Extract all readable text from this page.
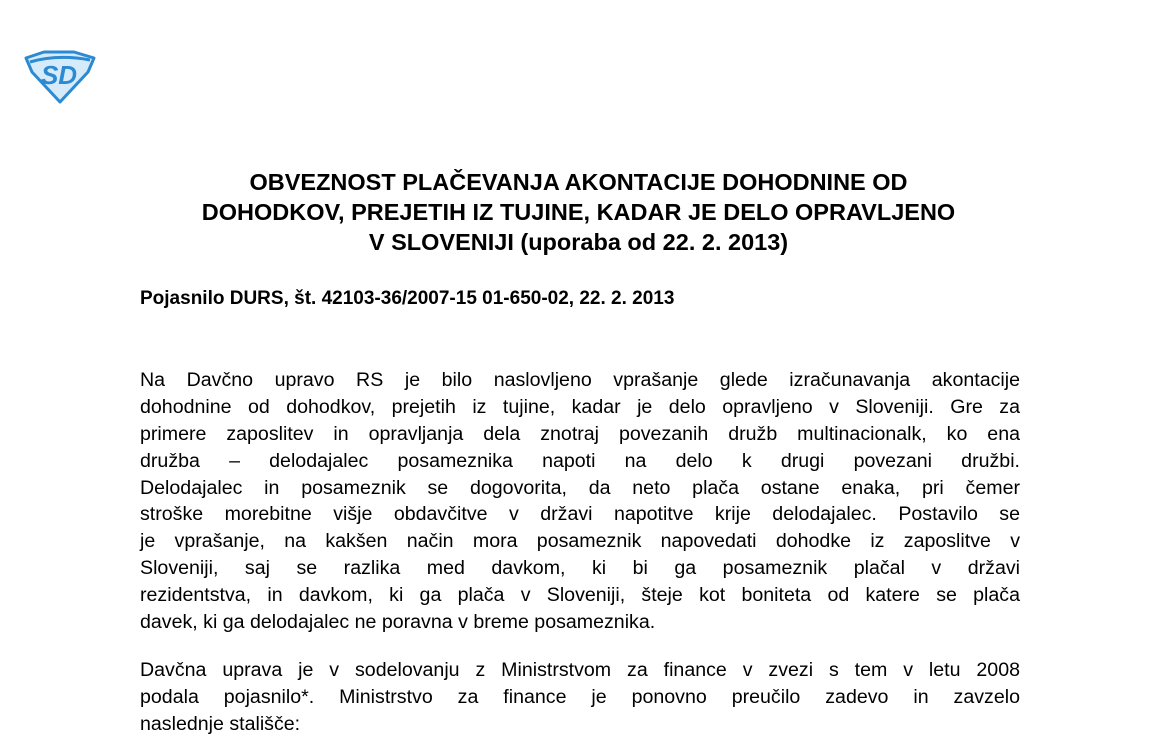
SD
OBVEZNOST PLAČEVANJA AKONTACIJE DOHODNINE OD
DOHODKOV, PREJETIH IZ TUJINE, KADAR JE DELO OPRAVLJENO
V SLOVENIJI (uporaba od 22. 2. 2013)
Pojasnilo DURS, št. 42103-36/2007-15 01-650-02, 22. 2. 2013
Na Davčno upravo RS je bilo naslovljeno vprašanje glede izračunavanja akontacije
dohodnine od dohodkov, prejetih iz tujine, kadar je delo opravljeno v Sloveniji. Gre za
primere zaposlitev in opravljanja dela znotraj povezanih družb multinacionalk, ko ena
družba – delodajalec posameznika napoti na delo k drugi povezani družbi.
Delodajalec in posameznik se dogovorita, da neto plača ostane enaka, pri čemer
stroške morebitne višje obdavčitve v državi napotitve krije delodajalec. Postavilo se
je vprašanje, na kakšen način mora posameznik napovedati dohodke iz zaposlitve v
Sloveniji, saj se razlika med davkom, ki bi ga posameznik plačal v državi
rezidentstva, in davkom, ki ga plača v Sloveniji, šteje kot boniteta od katere se plača
davek, ki ga delodajalec ne poravna v breme posameznika.
Davčna uprava je v sodelovanju z Ministrstvom za finance v zvezi s tem v letu 2008
podala pojasnilo*. Ministrstvo za finance je ponovno preučilo zadevo in zavzelo
naslednje stališče:
